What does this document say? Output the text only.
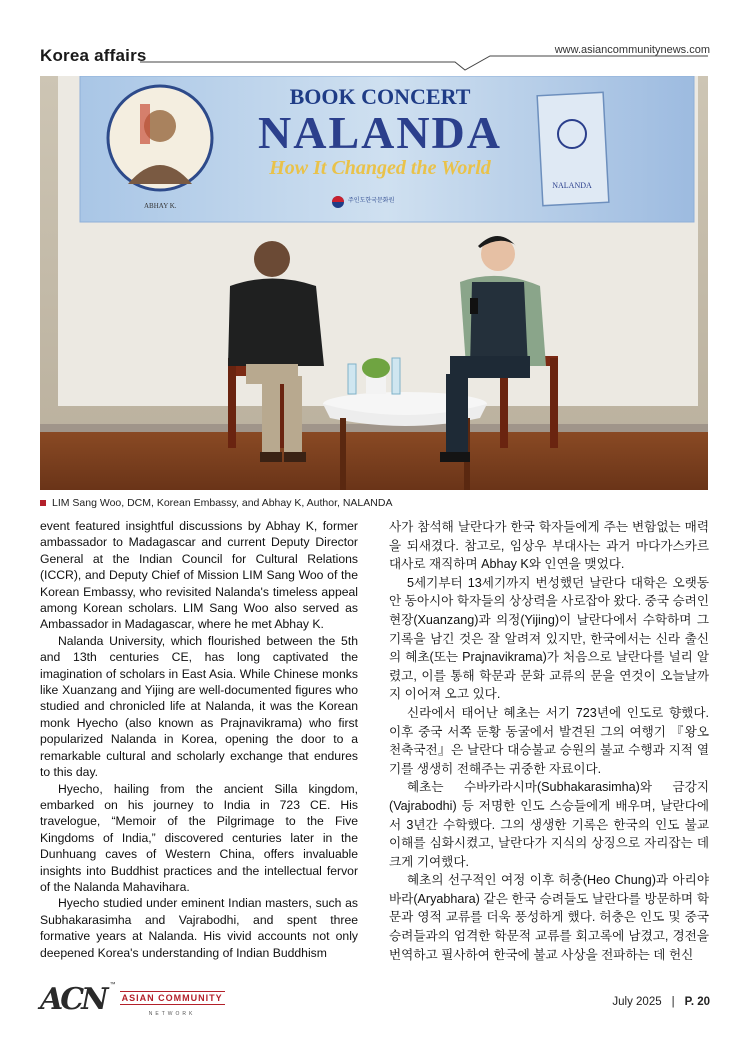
Korea affairs	www.asiancommunitynews.com
ABHAY K.
BOOK CONCERT
NALANDA
How It Changed the World
주인도한국문화원
NALANDA
LIM Sang Woo, DCM, Korean Embassy, and Abhay K, Author, NALANDA

event featured insightful discussions by Abhay K, former ambassador to Madagascar and current Deputy Director General at the Indian Council for Cultural Relations (ICCR), and Deputy Chief of Mission LIM Sang Woo of the Korean Embassy, who revisited Nalanda's timeless appeal among Korean scholars. LIM Sang Woo also served as Ambassador in Madagascar, where he met Abhay K.

Nalanda University, which flourished between the 5th and 13th centuries CE, has long captivated the imagination of scholars in East Asia. While Chinese monks like Xuanzang and Yijing are well-documented figures who studied and chronicled life at Nalanda, it was the Korean monk Hyecho (also known as Prajnavikrama) who first popularized Nalanda in Korea, opening the door to a remarkable cultural and scholarly exchange that endures to this day.

Hyecho, hailing from the ancient Silla kingdom, embarked on his journey to India in 723 CE. His travelogue, “Memoir of the Pilgrimage to the Five Kingdoms of India,” discovered centuries later in the Dunhuang caves of Western China, offers invaluable insights into Buddhist practices and the intellectual fervor of the Nalanda Mahavihara.

Hyecho studied under eminent Indian masters, such as Subhakarasimha and Vajrabodhi, and spent three formative years at Nalanda. His vivid accounts not only deepened Korea's understanding of Indian Buddhism

사가 참석해 날란다가 한국 학자들에게 주는 변함없는 매력을 되새겼다. 참고로, 임상우 부대사는 과거 마다가스카르 대사로 재직하며 Abhay K와 인연을 맺었다.

5세기부터 13세기까지 번성했던 날란다 대학은 오랫동안 동아시아 학자들의 상상력을 사로잡아 왔다. 중국 승려인 현장(Xuanzang)과 의정(Yijing)이 날란다에서 수학하며 그 기록을 남긴 것은 잘 알려져 있지만, 한국에서는 신라 출신의 혜초(또는 Prajnavikrama)가 처음으로 날란다를 널리 알렸고, 이를 통해 학문과 문화 교류의 문을 연것이 오늘날까지 이어져 오고 있다.

신라에서 태어난 혜초는 서기 723년에 인도로 향했다. 이후 중국 서쪽 둔황 동굴에서 발견된 그의 여행기 『왕오천축국전』은 날란다 대승불교 승원의 불교 수행과 지적 열기를 생생히 전해주는 귀중한 자료이다.

혜초는 수바카라시마(Subhakarasimha)와 금강지(Vajrabodhi) 등 저명한 인도 스승들에게 배우며, 날란다에서 3년간 수학했다. 그의 생생한 기록은 한국의 인도 불교 이해를 심화시켰고, 날란다가 지식의 상징으로 자리잡는 데 크게 기여했다.

혜초의 선구적인 여정 이후 허충(Heo Chung)과 아리야바라(Aryabhara) 같은 한국 승려들도 날란다를 방문하며 학문과 영적 교류를 더욱 풍성하게 했다. 허충은 인도 및 중국 승려들과의 엄격한 학문적 교류를 회고록에 남겼고, 경전을 번역하고 필사하여 한국에 불교 사상을 전파하는 데 헌신

ACN ™
ASIAN COMMUNITY
NETWORK
July 2025 | P. 20
